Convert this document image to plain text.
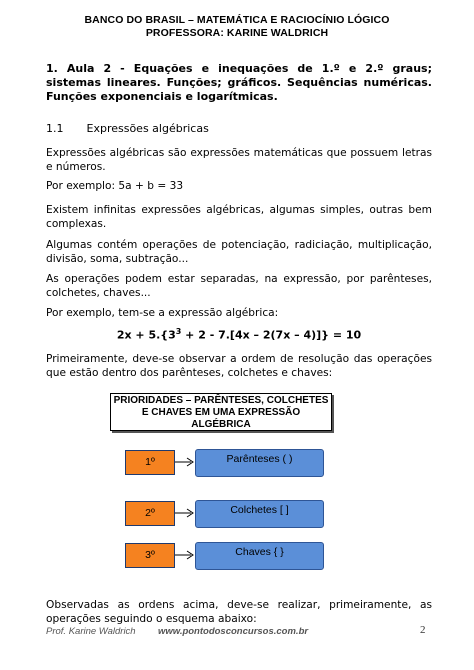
BANCO DO BRASIL – MATEMÁTICA E RACIOCÍNIO LÓGICO
PROFESSORA: KARINE WALDRICH
1. Aula 2 - Equações e inequações de 1.º e 2.º graus; sistemas lineares. Funções; gráficos. Sequências numéricas. Funções exponenciais e logarítmicas.
1.1 Expressões algébricas
Expressões algébricas são expressões matemáticas que possuem letras e números.
Por exemplo: 5a + b = 33
Existem infinitas expressões algébricas, algumas simples, outras bem complexas.
Algumas contém operações de potenciação, radiciação, multiplicação, divisão, soma, subtração...
As operações podem estar separadas, na expressão, por parênteses, colchetes, chaves...
Por exemplo, tem-se a expressão algébrica:
$2x + 5.\{3^3 + 2 - 7.[4x - 2(7x - 4)]\} = 10$
Primeiramente, deve-se observar a ordem de resolução das operações que estão dentro dos parênteses, colchetes e chaves:
PRIORIDADES – PARÊNTESES, COLCHETES E CHAVES EM UMA EXPRESSÃO ALGÉBRICA
1º	Parênteses ( )
2º	Colchetes [ ]
3º	Chaves { }
Observadas as ordens acima, deve-se realizar, primeiramente, as operações seguindo o esquema abaixo:
Prof. Karine Waldrich www.pontodosconcursos.com.br	2
